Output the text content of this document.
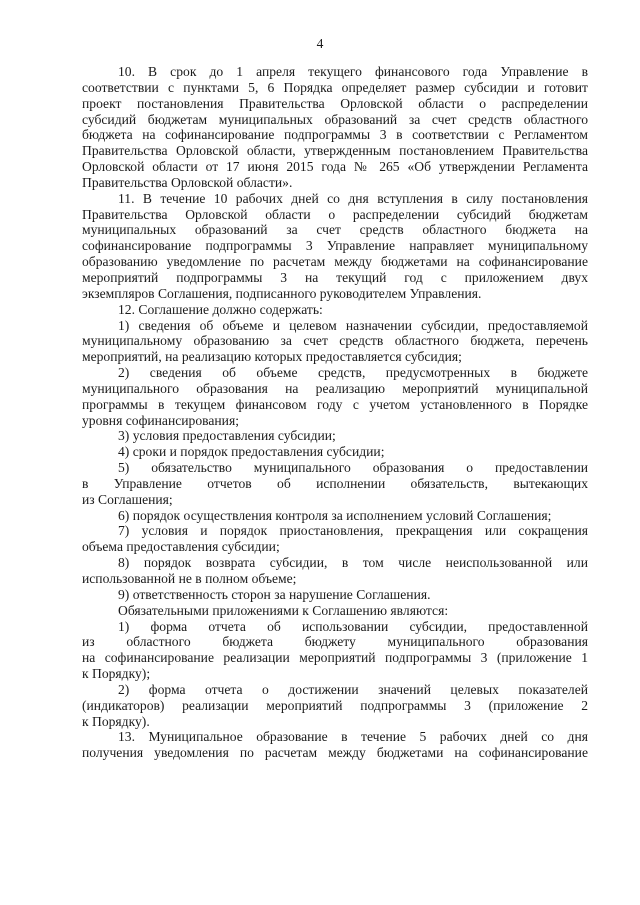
4
10. В срок до 1 апреля текущего финансового года Управление в
соответствии с пунктами 5, 6 Порядка определяет размер субсидии и готовит
проект постановления Правительства Орловской области о распределении
субсидий бюджетам муниципальных образований за счет средств областного
бюджета на софинансирование подпрограммы 3 в соответствии с Регламентом
Правительства Орловской области, утвержденным постановлением Правительства
Орловской области от 17 июня 2015 года № 265 «Об утверждении Регламента
Правительства Орловской области».
11. В течение 10 рабочих дней со дня вступления в силу постановления
Правительства Орловской области о распределении субсидий бюджетам
муниципальных образований за счет средств областного бюджета на
софинансирование подпрограммы 3 Управление направляет муниципальному
образованию уведомление по расчетам между бюджетами на софинансирование
мероприятий подпрограммы 3 на текущий год с приложением двух
экземпляров Соглашения, подписанного руководителем Управления.
12. Соглашение должно содержать:
1) сведения об объеме и целевом назначении субсидии, предоставляемой
муниципальному образованию за счет средств областного бюджета, перечень
мероприятий, на реализацию которых предоставляется субсидия;
2) сведения об объеме средств, предусмотренных в бюджете
муниципального образования на реализацию мероприятий муниципальной
программы в текущем финансовом году с учетом установленного в Порядке
уровня софинансирования;
3) условия предоставления субсидии;
4) сроки и порядок предоставления субсидии;
5) обязательство муниципального образования о предоставлении
в Управление отчетов об исполнении обязательств, вытекающих
из Соглашения;
6) порядок осуществления контроля за исполнением условий Соглашения;
7) условия и порядок приостановления, прекращения или сокращения
объема предоставления субсидии;
8) порядок возврата субсидии, в том числе неиспользованной или
использованной не в полном объеме;
9) ответственность сторон за нарушение Соглашения.
Обязательными приложениями к Соглашению являются:
1) форма отчета об использовании субсидии, предоставленной
из областного бюджета бюджету муниципального образования
на софинансирование реализации мероприятий подпрограммы 3 (приложение 1
к Порядку);
2) форма отчета о достижении значений целевых показателей
(индикаторов) реализации мероприятий подпрограммы 3 (приложение 2
к Порядку).
13. Муниципальное образование в течение 5 рабочих дней со дня
получения уведомления по расчетам между бюджетами на софинансирование
